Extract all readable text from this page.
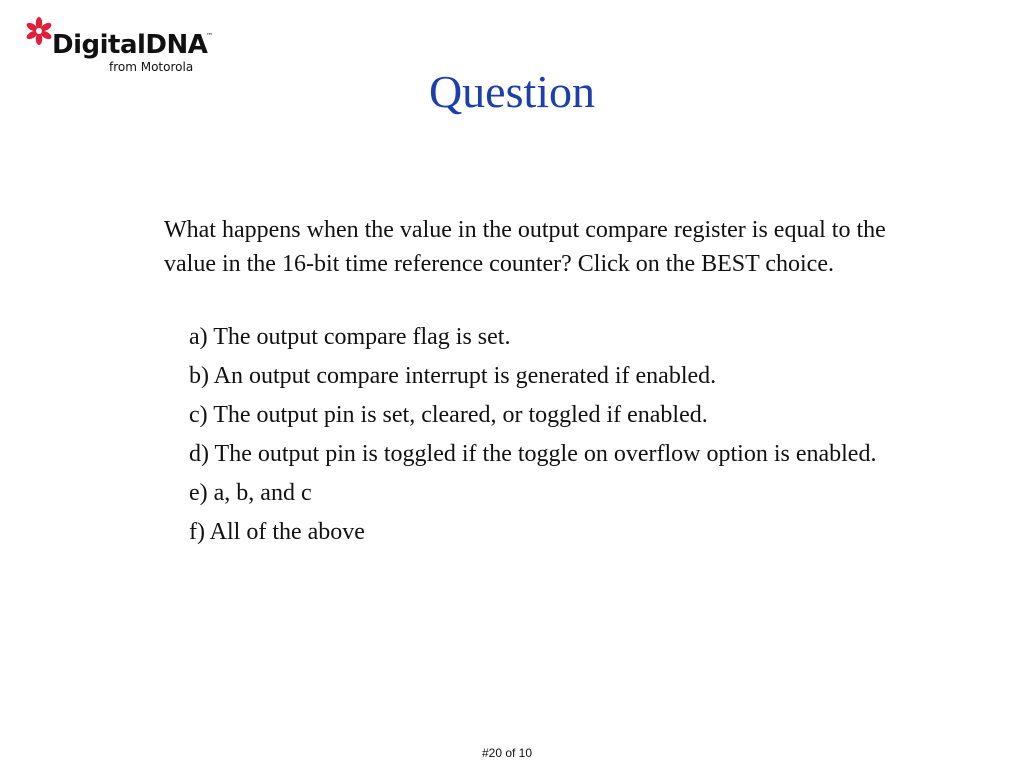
DigitalDNA
™
from Motorola	Question
What happens when the value in the output compare register is equal to the value in the 16-bit time reference counter? Click on the BEST choice.
a) The output compare flag is set.
b) An output compare interrupt is generated if enabled.
c) The output pin is set, cleared, or toggled if enabled.
d) The output pin is toggled if the toggle on overflow option is enabled.
e) a, b, and c
f) All of the above
#20 of 10
